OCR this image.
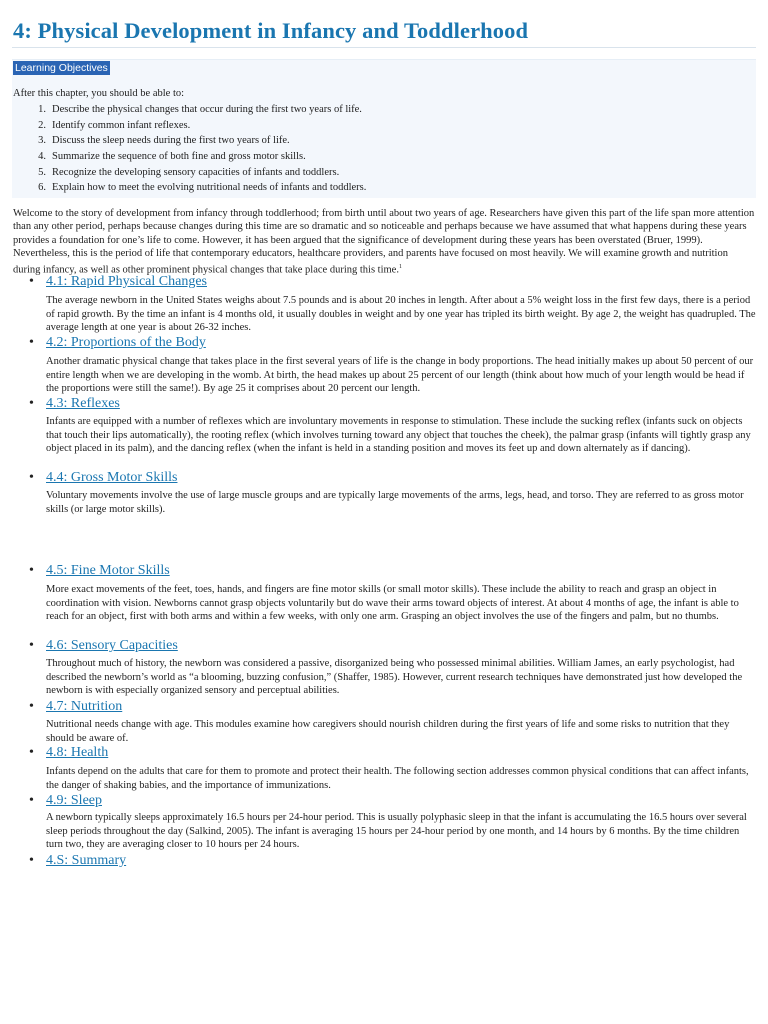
4: Physical Development in Infancy and Toddlerhood
Learning Objectives
After this chapter, you should be able to:
1. Describe the physical changes that occur during the first two years of life.
2. Identify common infant reflexes.
3. Discuss the sleep needs during the first two years of life.
4. Summarize the sequence of both fine and gross motor skills.
5. Recognize the developing sensory capacities of infants and toddlers.
6. Explain how to meet the evolving nutritional needs of infants and toddlers.
Welcome to the story of development from infancy through toddlerhood; from birth until about two years of age. Researchers have given this part of the life span more attention than any other period, perhaps because changes during this time are so dramatic and so noticeable and perhaps because we have assumed that what happens during these years provides a foundation for one’s life to come. However, it has been argued that the significance of development during these years has been overstated (Bruer, 1999). Nevertheless, this is the period of life that contemporary educators, healthcare providers, and parents have focused on most heavily. We will examine growth and nutrition during infancy, as well as other prominent physical changes that take place during this time.$^1$
• 4.1: Rapid Physical Changes
The average newborn in the United States weighs about 7.5 pounds and is about 20 inches in length. After about a 5% weight loss in the first few days, there is a period of rapid growth. By the time an infant is 4 months old, it usually doubles in weight and by one year has tripled its birth weight. By age 2, the weight has quadrupled. The average length at one year is about 26-32 inches.
• 4.2: Proportions of the Body
Another dramatic physical change that takes place in the first several years of life is the change in body proportions. The head initially makes up about 50 percent of our entire length when we are developing in the womb. At birth, the head makes up about 25 percent of our length (think about how much of your length would be head if the proportions were still the same!). By age 25 it comprises about 20 percent our length.
• 4.3: Reflexes
Infants are equipped with a number of reflexes which are involuntary movements in response to stimulation. These include the sucking reflex (infants suck on objects that touch their lips automatically), the rooting reflex (which involves turning toward any object that touches the cheek), the palmar grasp (infants will tightly grasp any object placed in its palm), and the dancing reflex (when the infant is held in a standing position and moves its feet up and down alternately as if dancing).
• 4.4: Gross Motor Skills
Voluntary movements involve the use of large muscle groups and are typically large movements of the arms, legs, head, and torso. They are referred to as gross motor skills (or large motor skills).
• 4.5: Fine Motor Skills
More exact movements of the feet, toes, hands, and fingers are fine motor skills (or small motor skills). These include the ability to reach and grasp an object in coordination with vision. Newborns cannot grasp objects voluntarily but do wave their arms toward objects of interest. At about 4 months of age, the infant is able to reach for an object, first with both arms and within a few weeks, with only one arm. Grasping an object involves the use of the fingers and palm, but no thumbs.
• 4.6: Sensory Capacities
Throughout much of history, the newborn was considered a passive, disorganized being who possessed minimal abilities. William James, an early psychologist, had described the newborn’s world as “a blooming, buzzing confusion,” (Shaffer, 1985). However, current research techniques have demonstrated just how developed the newborn is with especially organized sensory and perceptual abilities.
• 4.7: Nutrition
Nutritional needs change with age. This modules examine how caregivers should nourish children during the first years of life and some risks to nutrition that they should be aware of.
• 4.8: Health
Infants depend on the adults that care for them to promote and protect their health. The following section addresses common physical conditions that can affect infants, the danger of shaking babies, and the importance of immunizations.
• 4.9: Sleep
A newborn typically sleeps approximately 16.5 hours per 24-hour period. This is usually polyphasic sleep in that the infant is accumulating the 16.5 hours over several sleep periods throughout the day (Salkind, 2005). The infant is averaging 15 hours per 24-hour period by one month, and 14 hours by 6 months. By the time children turn two, they are averaging closer to 10 hours per 24 hours.
• 4.S: Summary
